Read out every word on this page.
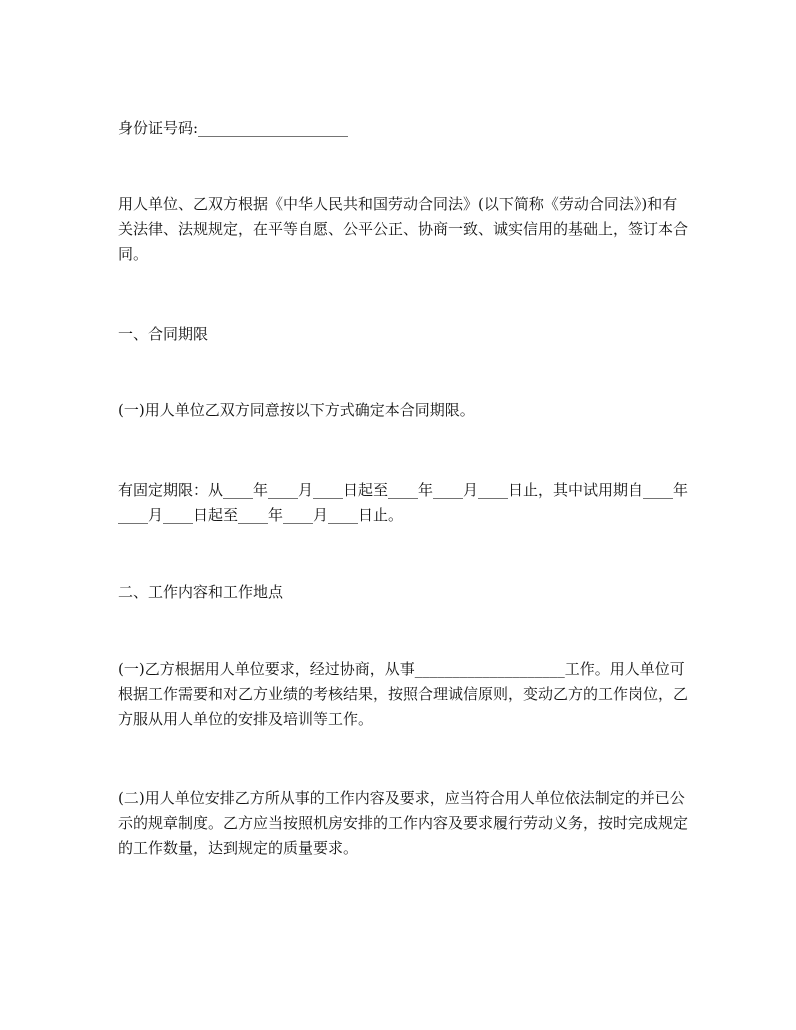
身份证号码:____________________

用人单位、乙双方根据《中华人民共和国劳动合同法》(以下简称《劳动合同法》)和有关法律、法规规定，在平等自愿、公平公正、协商一致、诚实信用的基础上，签订本合同。

一、合同期限

(一)用人单位乙双方同意按以下方式确定本合同期限。

有固定期限：从____年____月____日起至____年____月____日止，其中试用期自____年____月____日起至____年____月____日止。

二、工作内容和工作地点

(一)乙方根据用人单位要求，经过协商，从事____________________工作。用人单位可根据工作需要和对乙方业绩的考核结果，按照合理诚信原则，变动乙方的工作岗位，乙方服从用人单位的安排及培训等工作。

(二)用人单位安排乙方所从事的工作内容及要求，应当符合用人单位依法制定的并已公示的规章制度。乙方应当按照机房安排的工作内容及要求履行劳动义务，按时完成规定的工作数量，达到规定的质量要求。
